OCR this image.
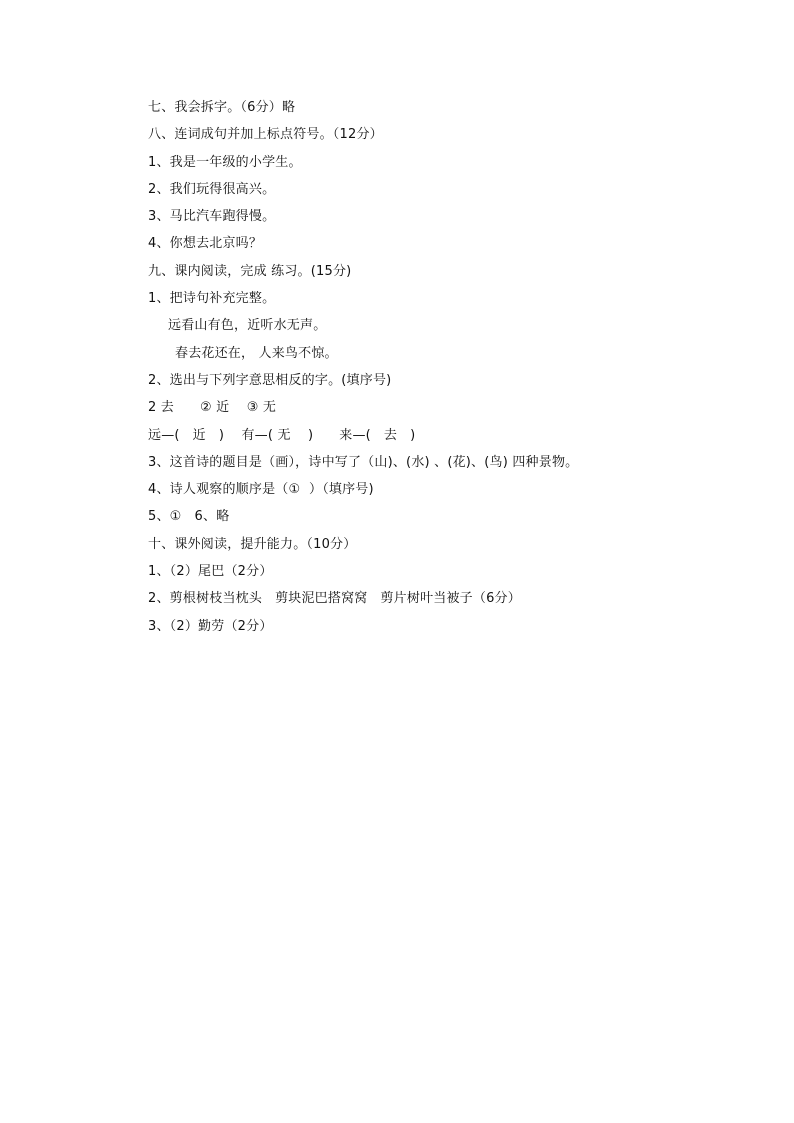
七、我会拆字。（6分）略
八、连词成句并加上标点符号。（12分）
1、我是一年级的小学生。
2、我们玩得很高兴。
3、马比汽车跑得慢。
4、你想去北京吗？
九、课内阅读，完成 练习。(15分)
1、把诗句补充完整。
远看山有色，近听水无声。
春去花还在， 人来鸟不惊。
2、选出与下列字意思相反的字。(填序号)
2 去      ② 近    ③ 无
远—(   近   )    有—( 无    )      来—(   去   )
3、这首诗的题目是（画），诗中写了（山)、(水) 、(花)、(鸟) 四种景物。
4、诗人观察的顺序是（①  ）（填序号)
5、①   6、略
十、课外阅读，提升能力。（10分）
1、（2）尾巴（2分）
2、剪根树枝当枕头   剪块泥巴搭窝窝   剪片树叶当被子（6分）
3、（2）勤劳（2分）
